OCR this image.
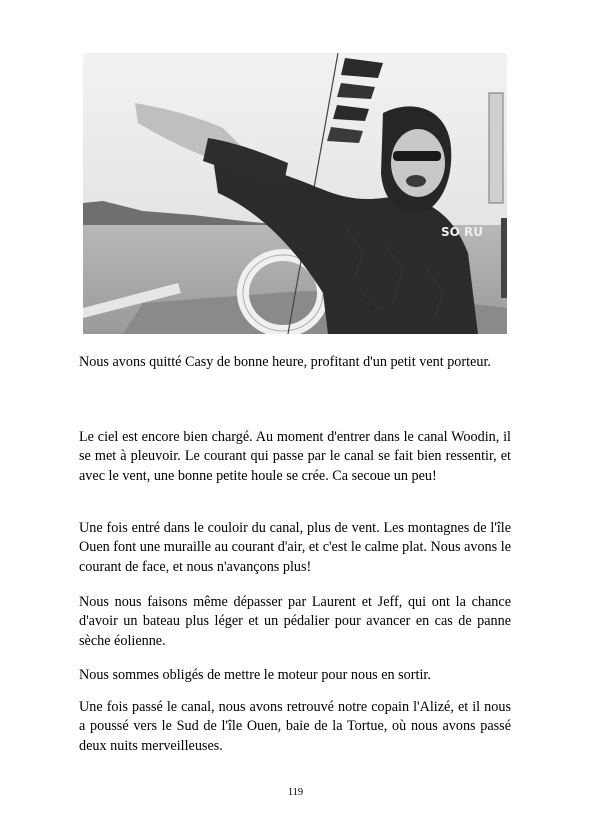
SO RU

Nous avons quitté Casy de bonne heure, profitant d'un petit vent porteur.

Le ciel est encore bien chargé. Au moment d'entrer dans le canal Woodin, il se met à pleuvoir. Le courant qui passe par le canal se fait bien ressentir, et avec le vent, une bonne petite houle se crée. Ca secoue un peu!

Une fois entré dans le couloir du canal, plus de vent. Les montagnes de l'île Ouen font une muraille au courant d'air, et c'est le calme plat. Nous avons le courant de face, et nous n'avançons plus!

Nous nous faisons même dépasser par Laurent et Jeff, qui ont la chance d'avoir un bateau plus léger et un pédalier pour avancer en cas de panne sèche éolienne.

Nous sommes obligés de mettre le moteur pour nous en sortir.

Une fois passé le canal, nous avons retrouvé notre copain l'Alizé, et il nous a poussé vers le Sud de l'île Ouen, baie de la Tortue, où nous avons passé deux nuits merveilleuses.

119
